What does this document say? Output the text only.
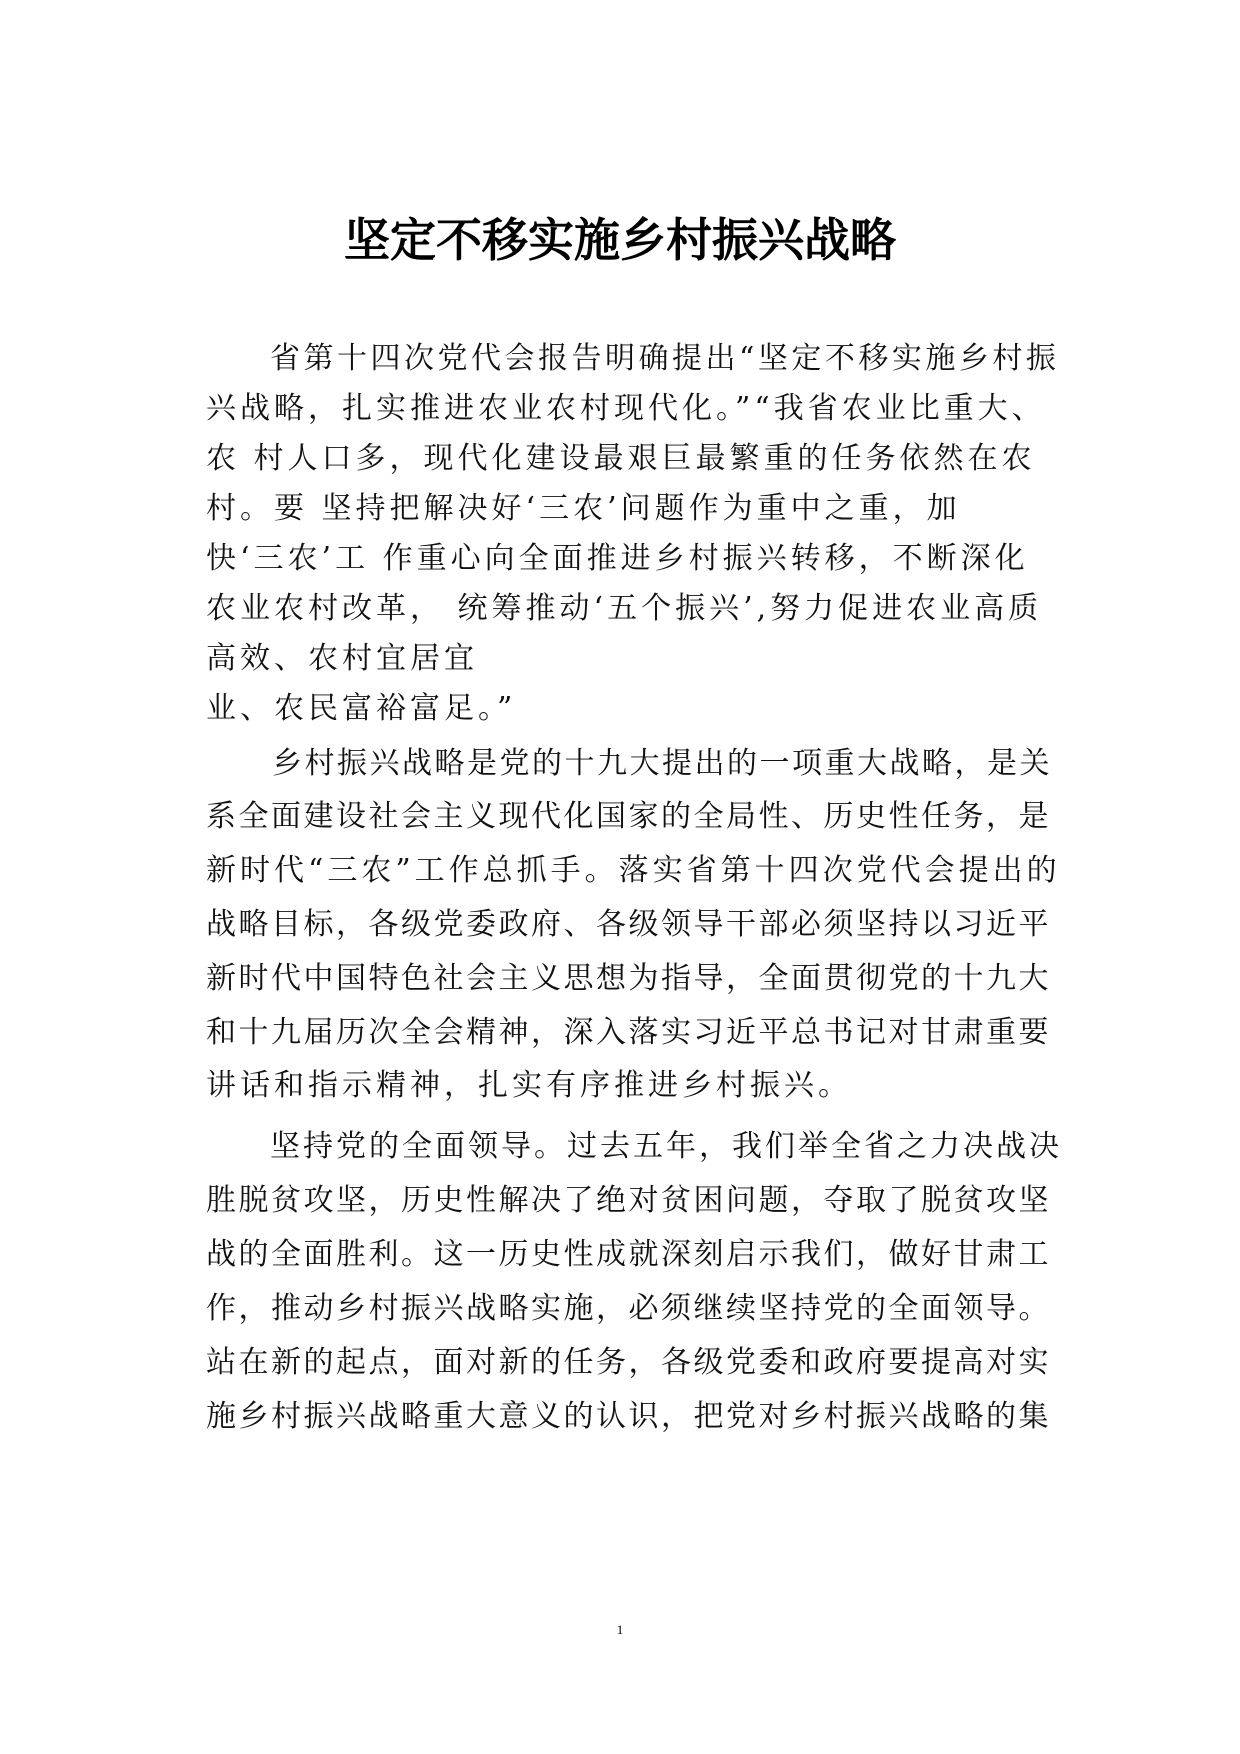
坚定不移实施乡村振兴战略

省第十四次党代会报告明确提出“坚定不移实施乡村振

兴战略，扎实推进农业农村现代化。”“我省农业比重大、

农 村人口多，现代化建设最艰巨最繁重的任务依然在农

村。要 坚持把解决好‘三农’问题作为重中之重，加

快‘三农’工 作重心向全面推进乡村振兴转移，不断深化

农业农村改革， 统筹推动‘五个振兴’,努力促进农业高质

高效、农村宜居宜

业、农民富裕富足。”

乡村振兴战略是党的十九大提出的一项重大战略，是关

系全面建设社会主义现代化国家的全局性、历史性任务，是

新时代“三农”工作总抓手。落实省第十四次党代会提出的

战略目标，各级党委政府、各级领导干部必须坚持以习近平

新时代中国特色社会主义思想为指导，全面贯彻党的十九大

和十九届历次全会精神，深入落实习近平总书记对甘肃重要

讲话和指示精神，扎实有序推进乡村振兴。

坚持党的全面领导。过去五年，我们举全省之力决战决

胜脱贫攻坚，历史性解决了绝对贫困问题，夺取了脱贫攻坚

战的全面胜利。这一历史性成就深刻启示我们，做好甘肃工

作，推动乡村振兴战略实施，必须继续坚持党的全面领导。

站在新的起点，面对新的任务，各级党委和政府要提高对实

施乡村振兴战略重大意义的认识，把党对乡村振兴战略的集

1
